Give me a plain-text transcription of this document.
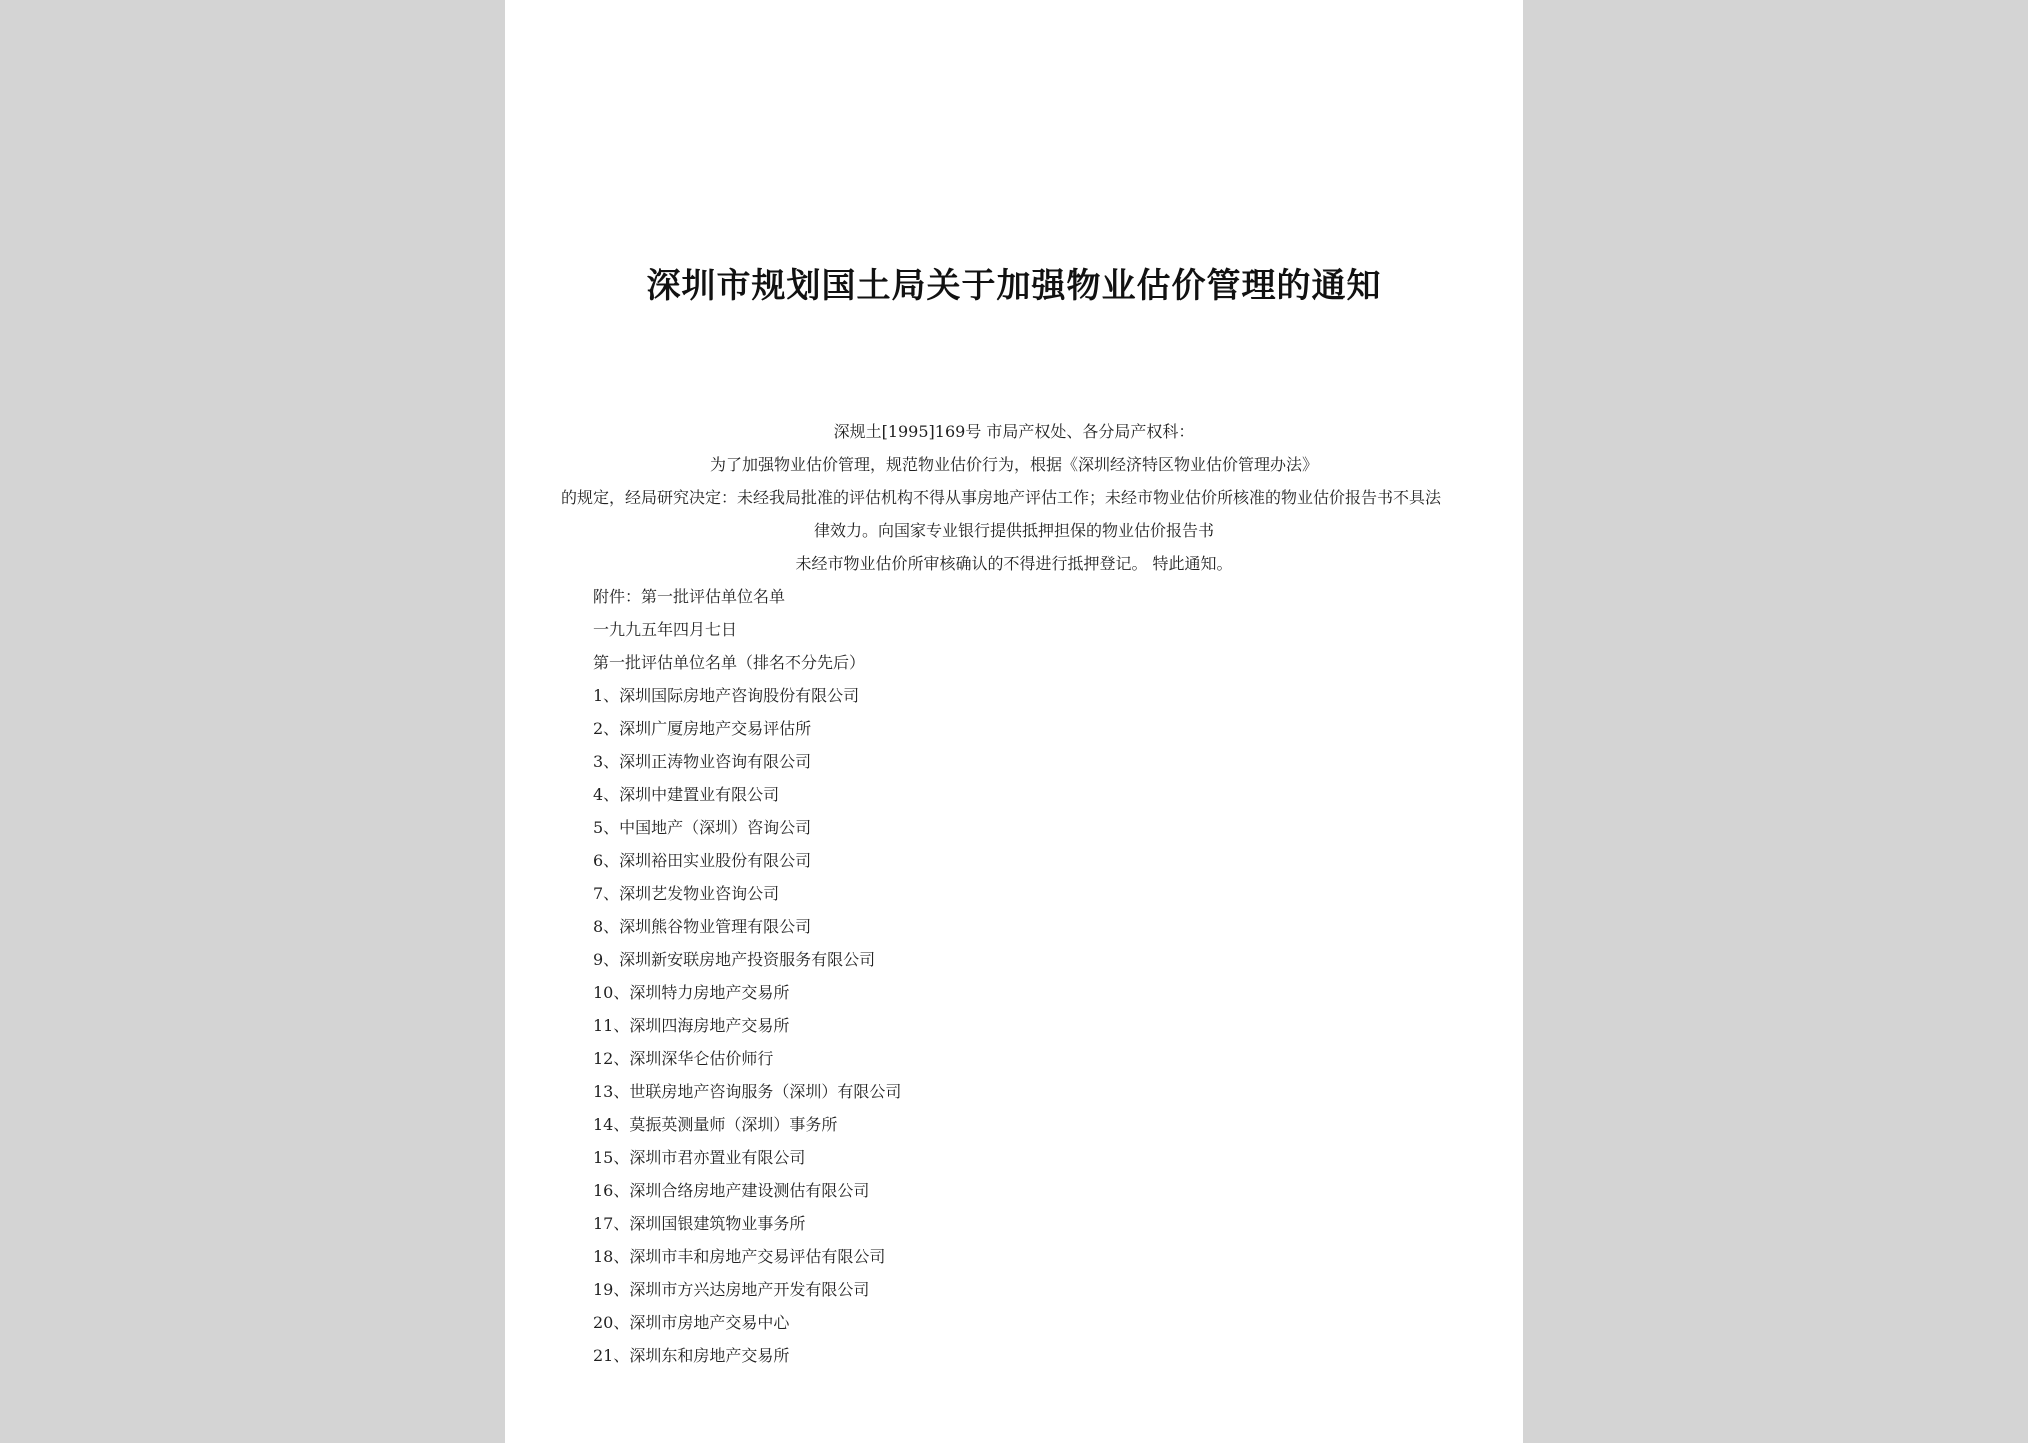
深圳市规划国土局关于加强物业估价管理的通知
深规土[1995]169号 市局产权处、各分局产权科：
为了加强物业估价管理，规范物业估价行为，根据《深圳经济特区物业估价管理办法》
的规定，经局研究决定：未经我局批准的评估机构不得从事房地产评估工作；未经市物业估价所核准的物业估价报告书不具法
律效力。向国家专业银行提供抵押担保的物业估价报告书
未经市物业估价所审核确认的不得进行抵押登记。 特此通知。
附件：第一批评估单位名单
一九九五年四月七日
第一批评估单位名单（排名不分先后）
1、深圳国际房地产咨询股份有限公司
2、深圳广厦房地产交易评估所
3、深圳正涛物业咨询有限公司
4、深圳中建置业有限公司
5、中国地产（深圳）咨询公司
6、深圳裕田实业股份有限公司
7、深圳艺发物业咨询公司
8、深圳熊谷物业管理有限公司
9、深圳新安联房地产投资服务有限公司
10、深圳特力房地产交易所
11、深圳四海房地产交易所
12、深圳深华仑估价师行
13、世联房地产咨询服务（深圳）有限公司
14、莫振英测量师（深圳）事务所
15、深圳市君亦置业有限公司
16、深圳合络房地产建设测估有限公司
17、深圳国银建筑物业事务所
18、深圳市丰和房地产交易评估有限公司
19、深圳市方兴达房地产开发有限公司
20、深圳市房地产交易中心
21、深圳东和房地产交易所
